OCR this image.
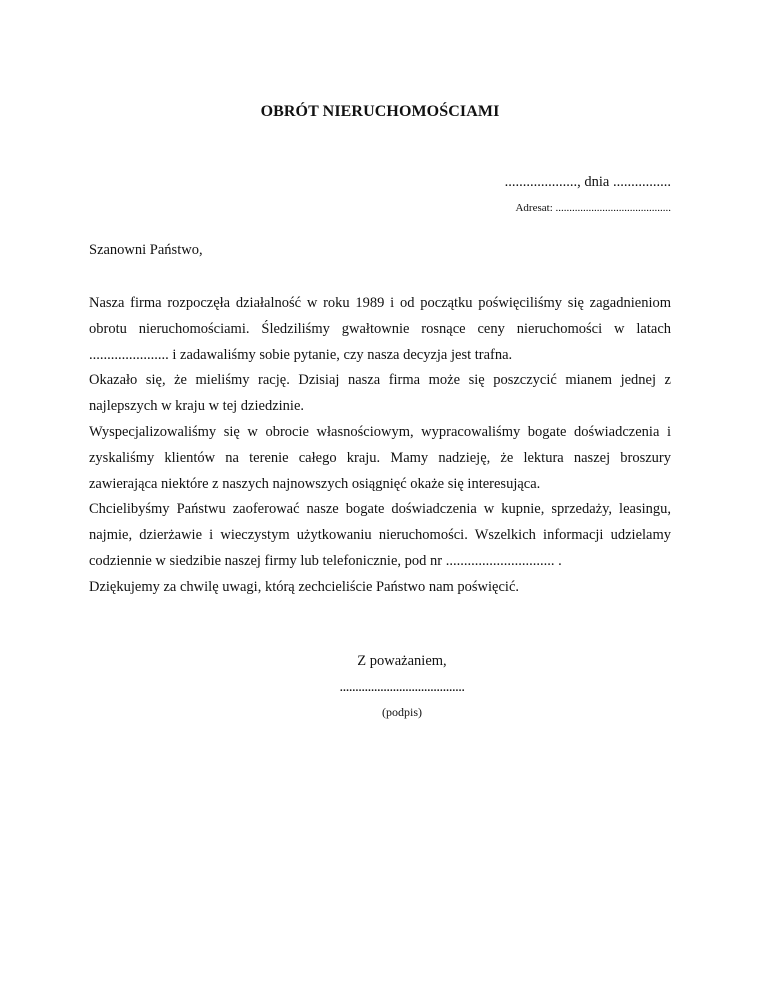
OBRÓT NIERUCHOMOŚCIAMI
...................., dnia ................
Adresat: ..........................................
Szanowni Państwo,

Nasza firma rozpoczęła działalność w roku 1989 i od początku poświęciliśmy się zagadnieniom obrotu nieruchomościami. Śledziliśmy gwałtownie rosnące ceny nieruchomości w latach ...................... i zadawaliśmy sobie pytanie, czy nasza decyzja jest trafna.

Okazało się, że mieliśmy rację. Dzisiaj nasza firma może się poszczycić mianem jednej z najlepszych w kraju w tej dziedzinie.

Wyspecjalizowaliśmy się w obrocie własnościowym, wypracowaliśmy bogate doświadczenia i zyskaliśmy klientów na terenie całego kraju. Mamy nadzieję, że lektura naszej broszury zawierająca niektóre z naszych najnowszych osiągnięć okaże się interesująca.

Chcielibyśmy Państwu zaoferować nasze bogate doświadczenia w kupnie, sprzedaży, leasingu, najmie, dzierżawie i wieczystym użytkowaniu nieruchomości. Wszelkich informacji udzielamy codziennie w siedzibie naszej firmy lub telefonicznie, pod nr .............................. .

Dziękujemy za chwilę uwagi, którą zechcieliście Państwo nam poświęcić.

Z poważaniem,
........................................
(podpis)
